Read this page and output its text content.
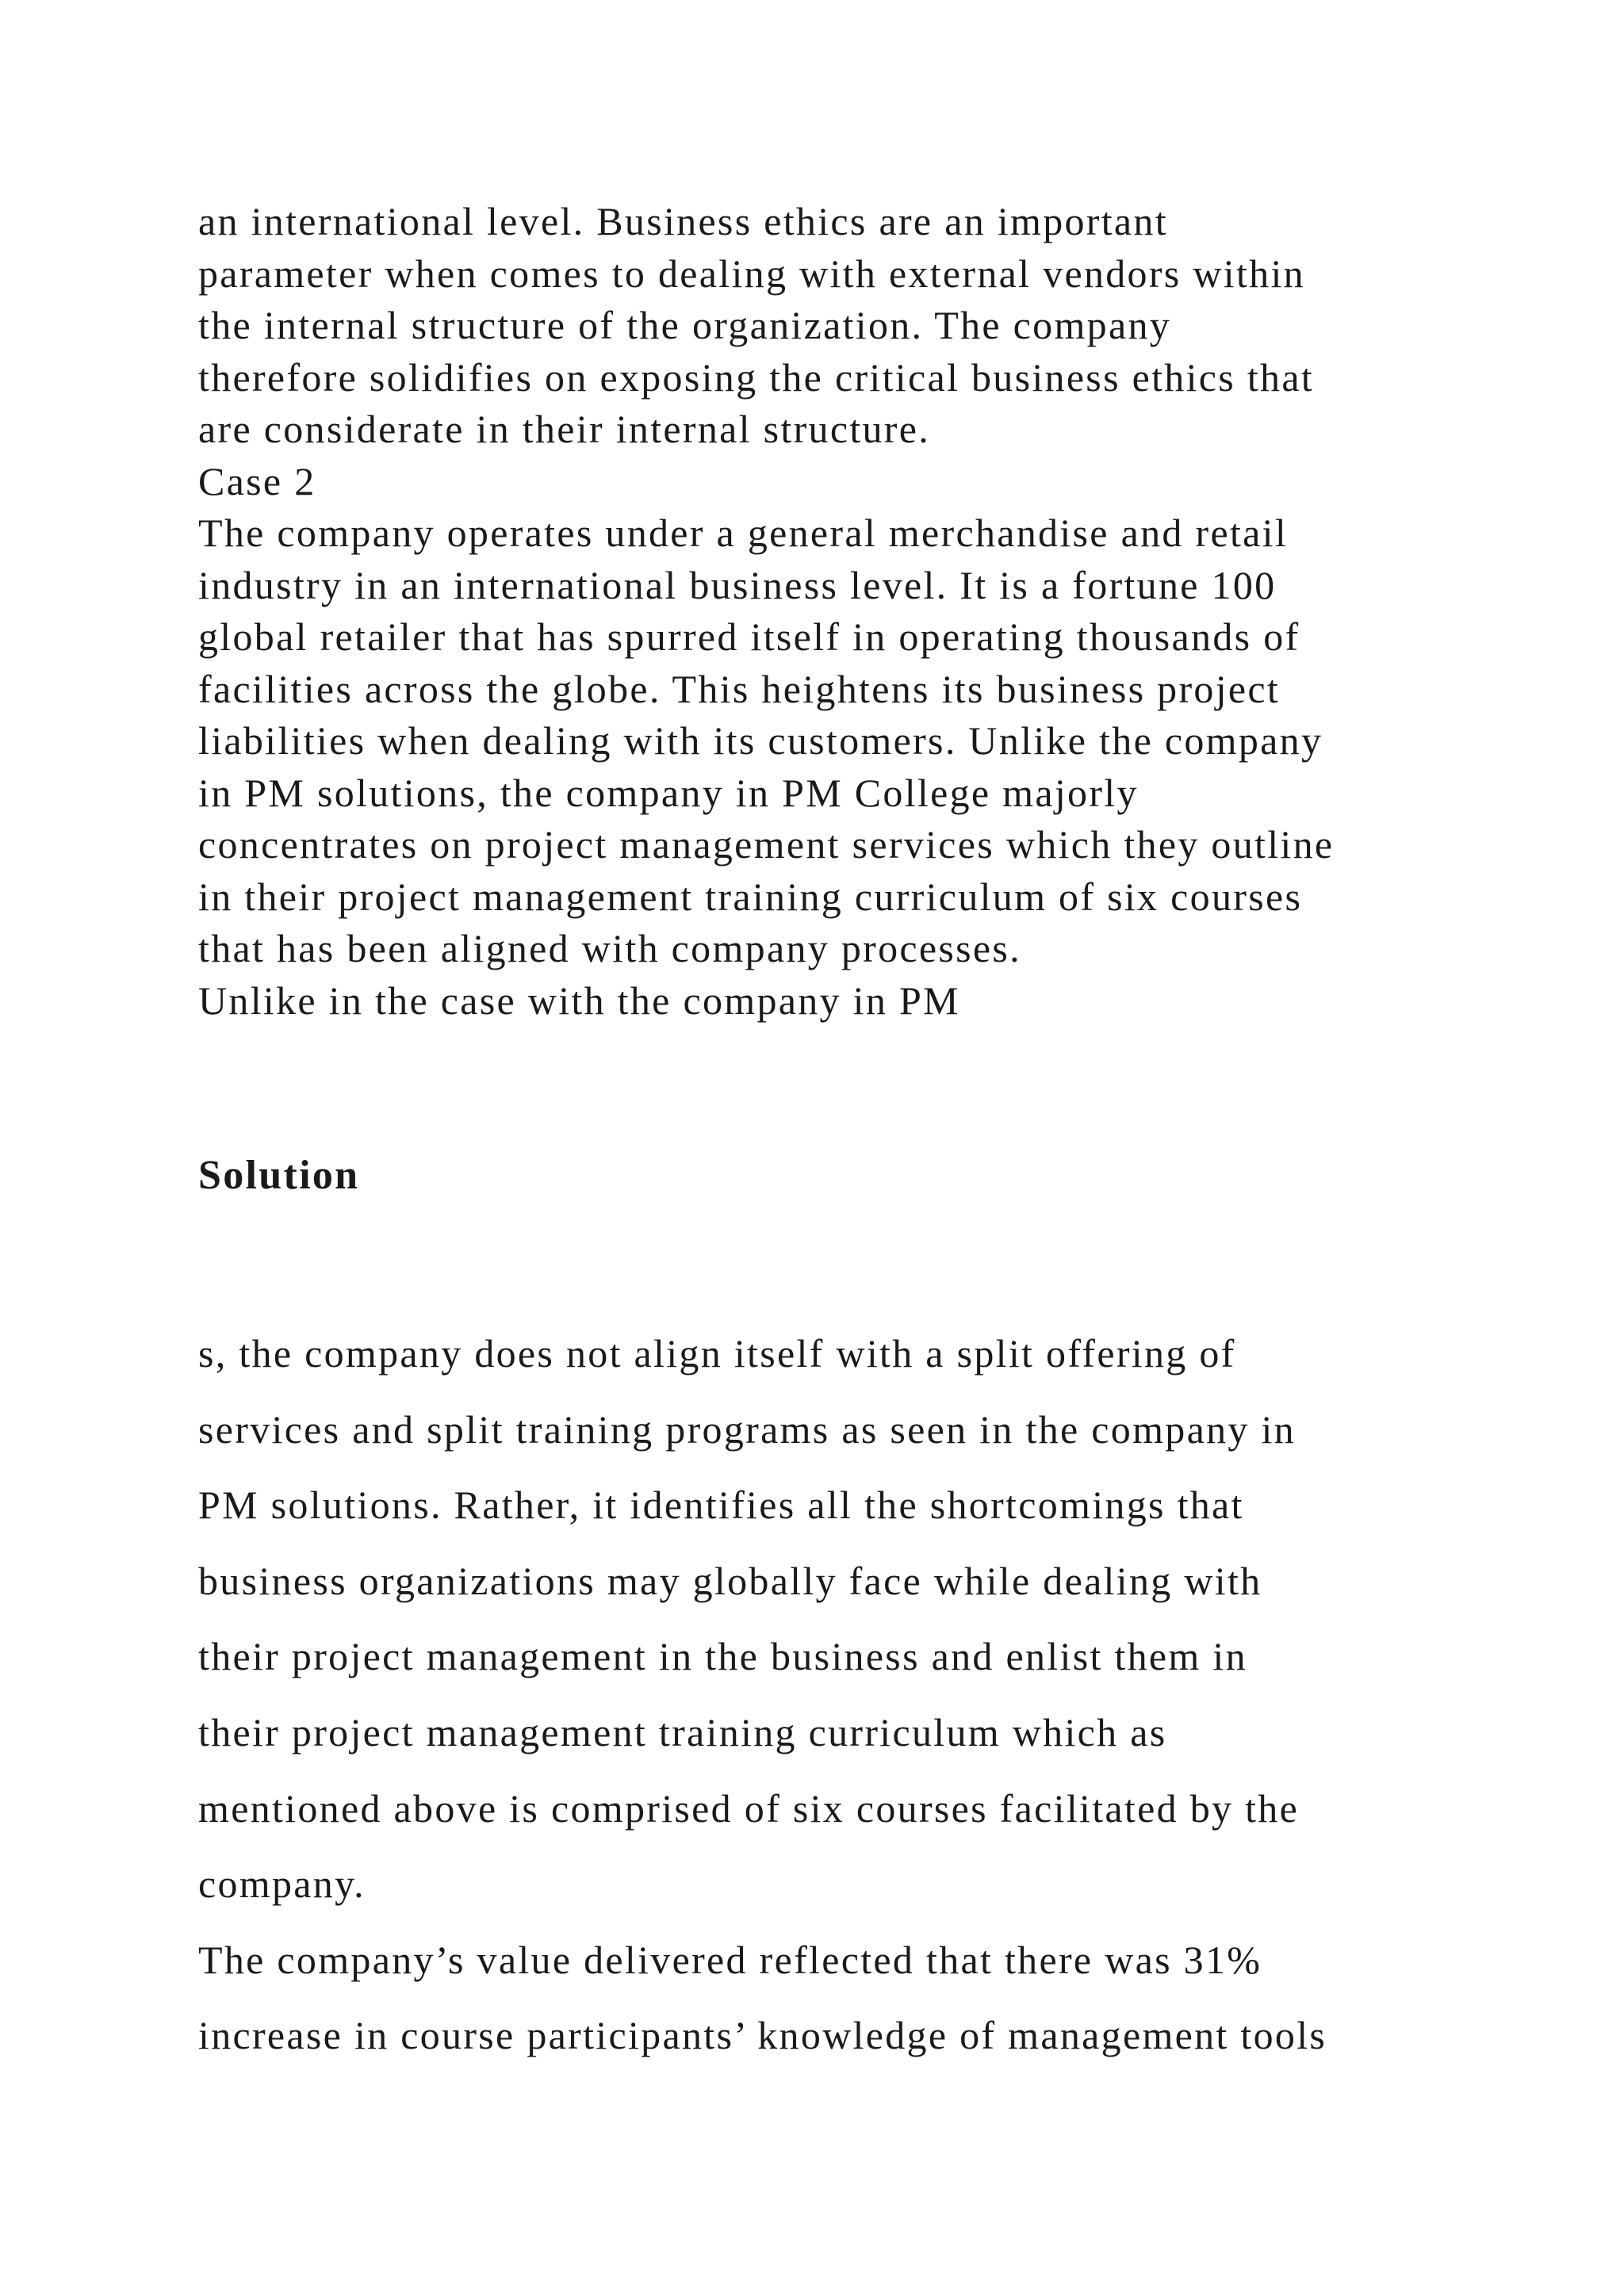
an international level. Business ethics are an important
parameter when comes to dealing with external vendors within
the internal structure of the organization. The company
therefore solidifies on exposing the critical business ethics that
are considerate in their internal structure.
Case 2
The company operates under a general merchandise and retail
industry in an international business level. It is a fortune 100
global retailer that has spurred itself in operating thousands of
facilities across the globe. This heightens its business project
liabilities when dealing with its customers. Unlike the company
in PM solutions, the company in PM College majorly
concentrates on project management services which they outline
in their project management training curriculum of six courses
that has been aligned with company processes.
Unlike in the case with the company in PM
Solution
s, the company does not align itself with a split offering of
services and split training programs as seen in the company in
PM solutions. Rather, it identifies all the shortcomings that
business organizations may globally face while dealing with
their project management in the business and enlist them in
their project management training curriculum which as
mentioned above is comprised of six courses facilitated by the
company.
The company’s value delivered reflected that there was 31%
increase in course participants’ knowledge of management tools
